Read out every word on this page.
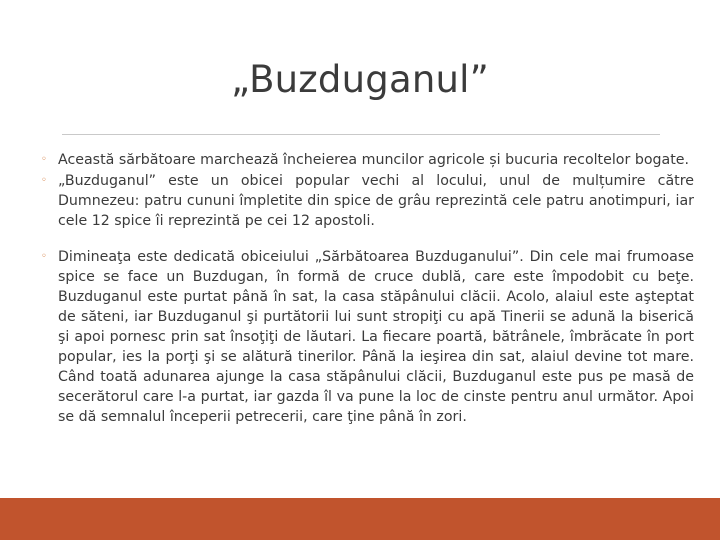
„Buzduganul”
◦ Această sărbătoare marchează încheierea muncilor agricole și bucuria recoltelor bogate.
◦ „Buzduganul” este un obicei popular vechi al locului, unul de mulțumire către Dumnezeu: patru cununi împletite din spice de grâu reprezintă cele patru anotimpuri, iar cele 12 spice îi reprezintă pe cei 12 apostoli.
◦ Dimineaţa este dedicată obiceiului „Sărbătoarea Buzduganului”. Din cele mai frumoase spice se face un Buzdugan, în formă de cruce dublă, care este împodobit cu beţe. Buzduganul este purtat până în sat, la casa stăpânului clăcii. Acolo, alaiul este aşteptat de săteni, iar Buzduganul şi purtătorii lui sunt stropiţi cu apă Tinerii se adună la biserică şi apoi pornesc prin sat însoţiţi de lăutari. La fiecare poartă, bătrânele, îmbrăcate în port popular, ies la porţi şi se alătură tinerilor. Până la ieşirea din sat, alaiul devine tot mare. Când toată adunarea ajunge la casa stăpânului clăcii, Buzduganul este pus pe masă de secerătorul care l-a purtat, iar gazda îl va pune la loc de cinste pentru anul următor. Apoi se dă semnalul începerii petrecerii, care ţine până în zori.
